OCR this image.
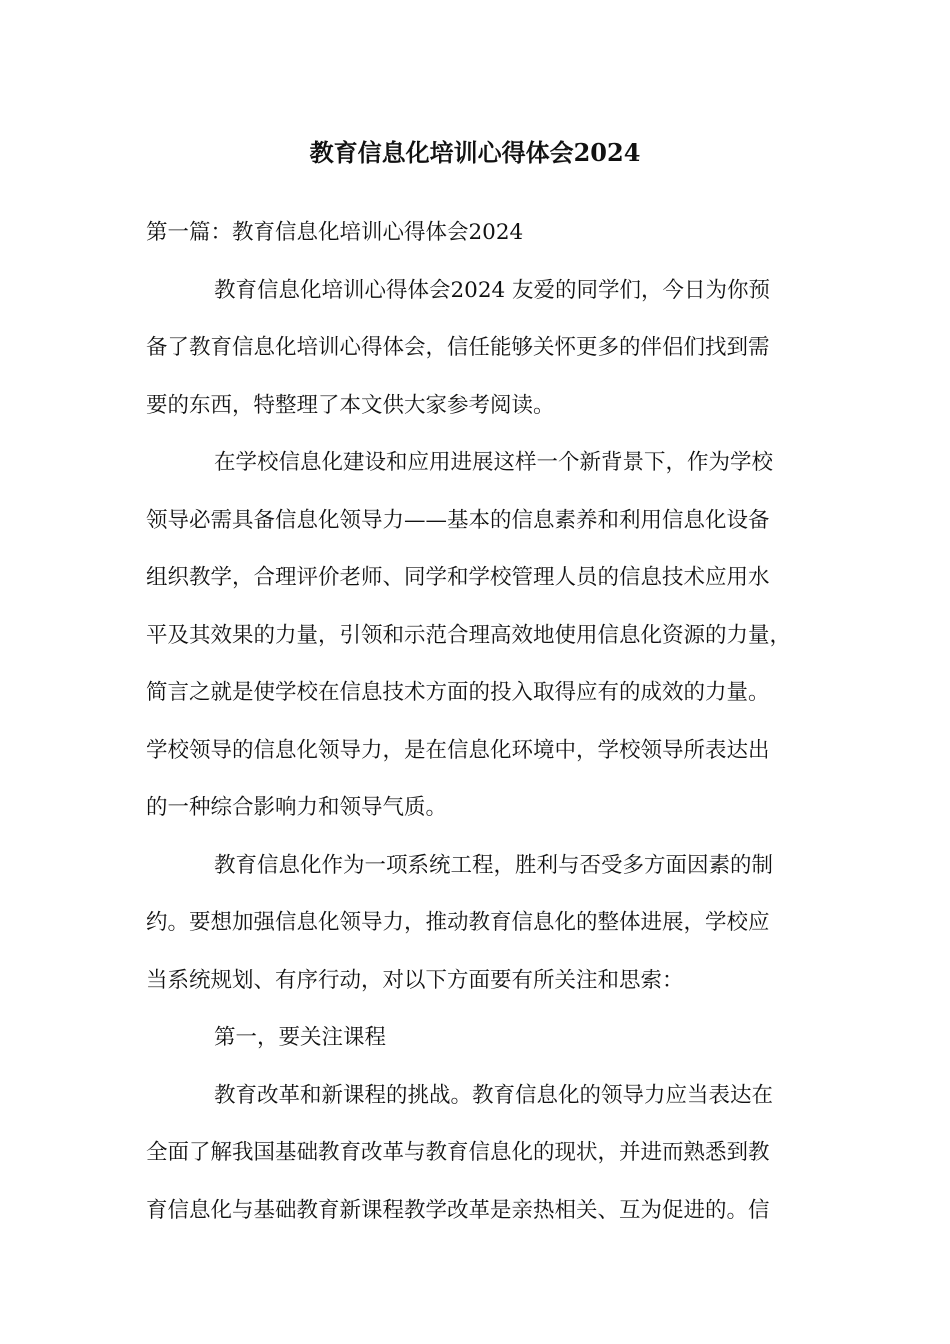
教育信息化培训心得体会2024

第一篇：教育信息化培训心得体会2024

教育信息化培训心得体会2024 友爱的同学们，今日为你预

备了教育信息化培训心得体会，信任能够关怀更多的伴侣们找到需

要的东西，特整理了本文供大家参考阅读。

在学校信息化建设和应用进展这样一个新背景下，作为学校

领导必需具备信息化领导力——基本的信息素养和利用信息化设备

组织教学，合理评价老师、同学和学校管理人员的信息技术应用水

平及其效果的力量，引领和示范合理高效地使用信息化资源的力量，

简言之就是使学校在信息技术方面的投入取得应有的成效的力量。

学校领导的信息化领导力，是在信息化环境中，学校领导所表达出

的一种综合影响力和领导气质。

教育信息化作为一项系统工程，胜利与否受多方面因素的制

约。要想加强信息化领导力，推动教育信息化的整体进展，学校应

当系统规划、有序行动，对以下方面要有所关注和思索：

第一，要关注课程

教育改革和新课程的挑战。教育信息化的领导力应当表达在

全面了解我国基础教育改革与教育信息化的现状，并进而熟悉到教

育信息化与基础教育新课程教学改革是亲热相关、互为促进的。信
